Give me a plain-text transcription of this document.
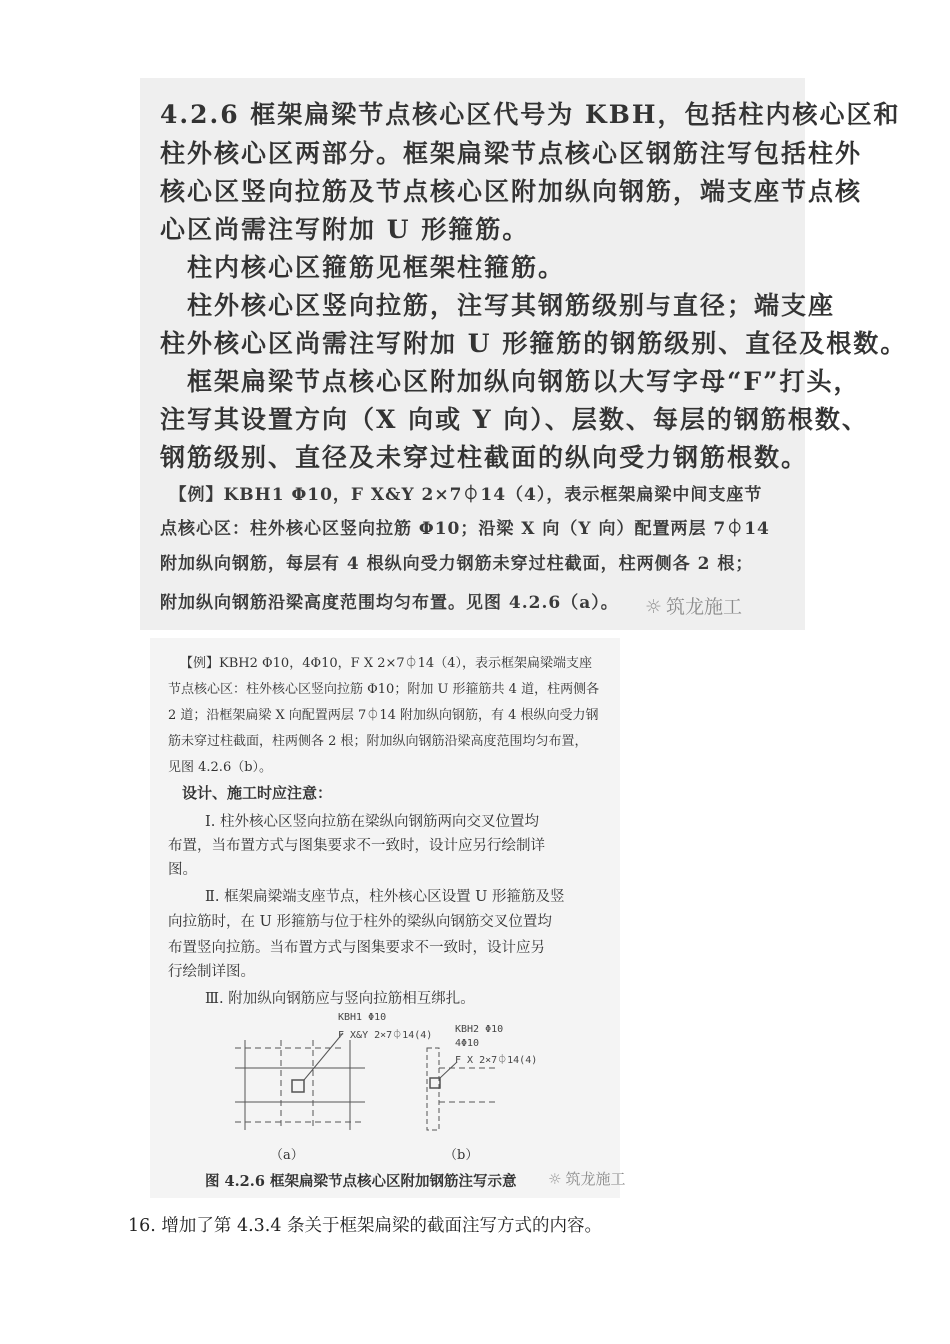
4.2.6 框架扁梁节点核心区代号为 KBH，包括柱内核心区和

柱外核心区两部分。框架扁梁节点核心区钢筋注写包括柱外

核心区竖向拉筋及节点核心区附加纵向钢筋，端支座节点核

心区尚需注写附加 U 形箍筋。

　柱内核心区箍筋见框架柱箍筋。

　柱外核心区竖向拉筋，注写其钢筋级别与直径；端支座

柱外核心区尚需注写附加 U 形箍筋的钢筋级别、直径及根数。

　框架扁梁节点核心区附加纵向钢筋以大写字母“F”打头，

注写其设置方向（X 向或 Y 向）、层数、每层的钢筋根数、

钢筋级别、直径及未穿过柱截面的纵向受力钢筋根数。

　【例】KBH1 Φ10，F X&Y 2×7⏀14（4），表示框架扁梁中间支座节

点核心区：柱外核心区竖向拉筋 Φ10；沿梁 X 向（Y 向）配置两层 7⏀14

附加纵向钢筋，每层有 4 根纵向受力钢筋未穿过柱截面，柱两侧各 2 根；

附加纵向钢筋沿梁高度范围均匀布置。见图 4.2.6（a）。 ☼ 筑龙施工

【例】KBH2 Φ10，4Φ10，F X 2×7⏀14（4），表示框架扁梁端支座

节点核心区：柱外核心区竖向拉筋 Φ10；附加 U 形箍筋共 4 道，柱两侧各

2 道；沿框架扁梁 X 向配置两层 7⏀14 附加纵向钢筋，有 4 根纵向受力钢

筋未穿过柱截面，柱两侧各 2 根；附加纵向钢筋沿梁高度范围均匀布置，

见图 4.2.6（b）。

设计、施工时应注意：

Ⅰ. 柱外核心区竖向拉筋在梁纵向钢筋两向交叉位置均

布置，当布置方式与图集要求不一致时，设计应另行绘制详

图。

Ⅱ. 框架扁梁端支座节点，柱外核心区设置 U 形箍筋及竖

向拉筋时，在 U 形箍筋与位于柱外的梁纵向钢筋交叉位置均

布置竖向拉筋。当布置方式与图集要求不一致时，设计应另

行绘制详图。

Ⅲ. 附加纵向钢筋应与竖向拉筋相互绑扎。

KBH1 Φ10

F X&Y 2×7⏀14(4)

KBH2 Φ10

4Φ10

F X 2×7⏀14(4)

（a）	（b）

图 4.2.6 框架扁梁节点核心区附加钢筋注写示意 ☼ 筑龙施工

16. 增加了第 4.3.4 条关于框架扁梁的截面注写方式的内容。
